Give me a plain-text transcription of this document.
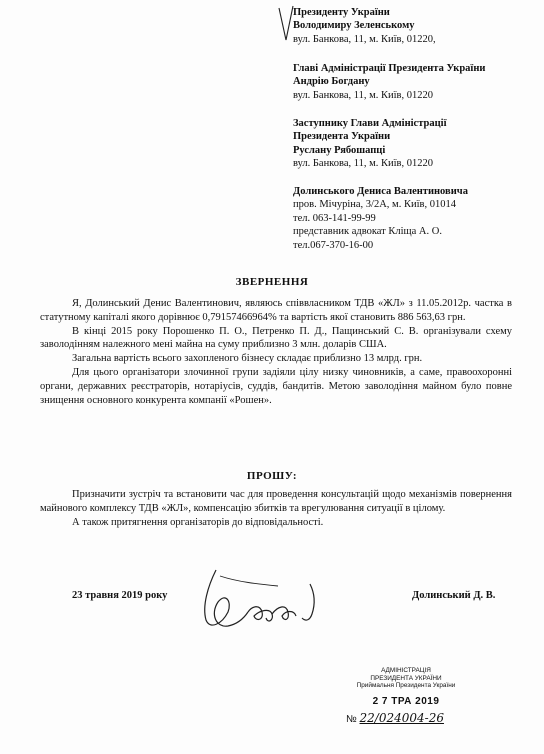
Президенту України
Володимиру Зеленському
вул. Банкова, 11, м. Київ, 01220,
Главі Адміністрації Президента України
Андрію Богдану
вул. Банкова, 11, м. Київ, 01220
Заступнику Глави Адміністрації
Президента України
Руслану Рябошапці
вул. Банкова, 11, м. Київ, 01220
Долинського Дениса Валентиновича
пров. Мічуріна, 3/2А, м. Київ, 01014
тел. 063-141-99-99
представник адвокат Кліща А. О.
тел.067-370-16-00
ЗВЕРНЕННЯ

Я, Долинський Денис Валентинович, являюсь співвласником ТДВ «ЖЛ» з 11.05.2012р. частка в статутному капіталі якого дорівнює 0,79157466964% та вартість якої становить 886 563,63 грн.

В кінці 2015 року Порошенко П. О., Петренко П. Д., Пащинський С. В. організували схему заволодінням належного мені майна на суму приблизно 3 млн. доларів США.

Загальна вартість всього захопленого бізнесу складає приблизно 13 млрд. грн.

Для цього організатори злочинної групи задіяли цілу низку чиновників, а саме, правоохоронні органи, державних реєстраторів, нотаріусів, суддів, бандитів. Метою заволодіння майном було повне знищення основного конкурента компанії «Рошен».

ПРОШУ:

Призначити зустріч та встановити час для проведення консультацій щодо механізмів повернення майнового комплексу ТДВ «ЖЛ», компенсацію збитків та врегулювання ситуації в цілому.

А також притягнення організаторів до відповідальності.

23 травня 2019 року	Долинський Д. В.
АДМІНІСТРАЦІЯ
ПРЕЗИДЕНТА УКРАЇНИ
Приймальня Президента України
2 7 ТРА 2019
№ 22/024004-26
